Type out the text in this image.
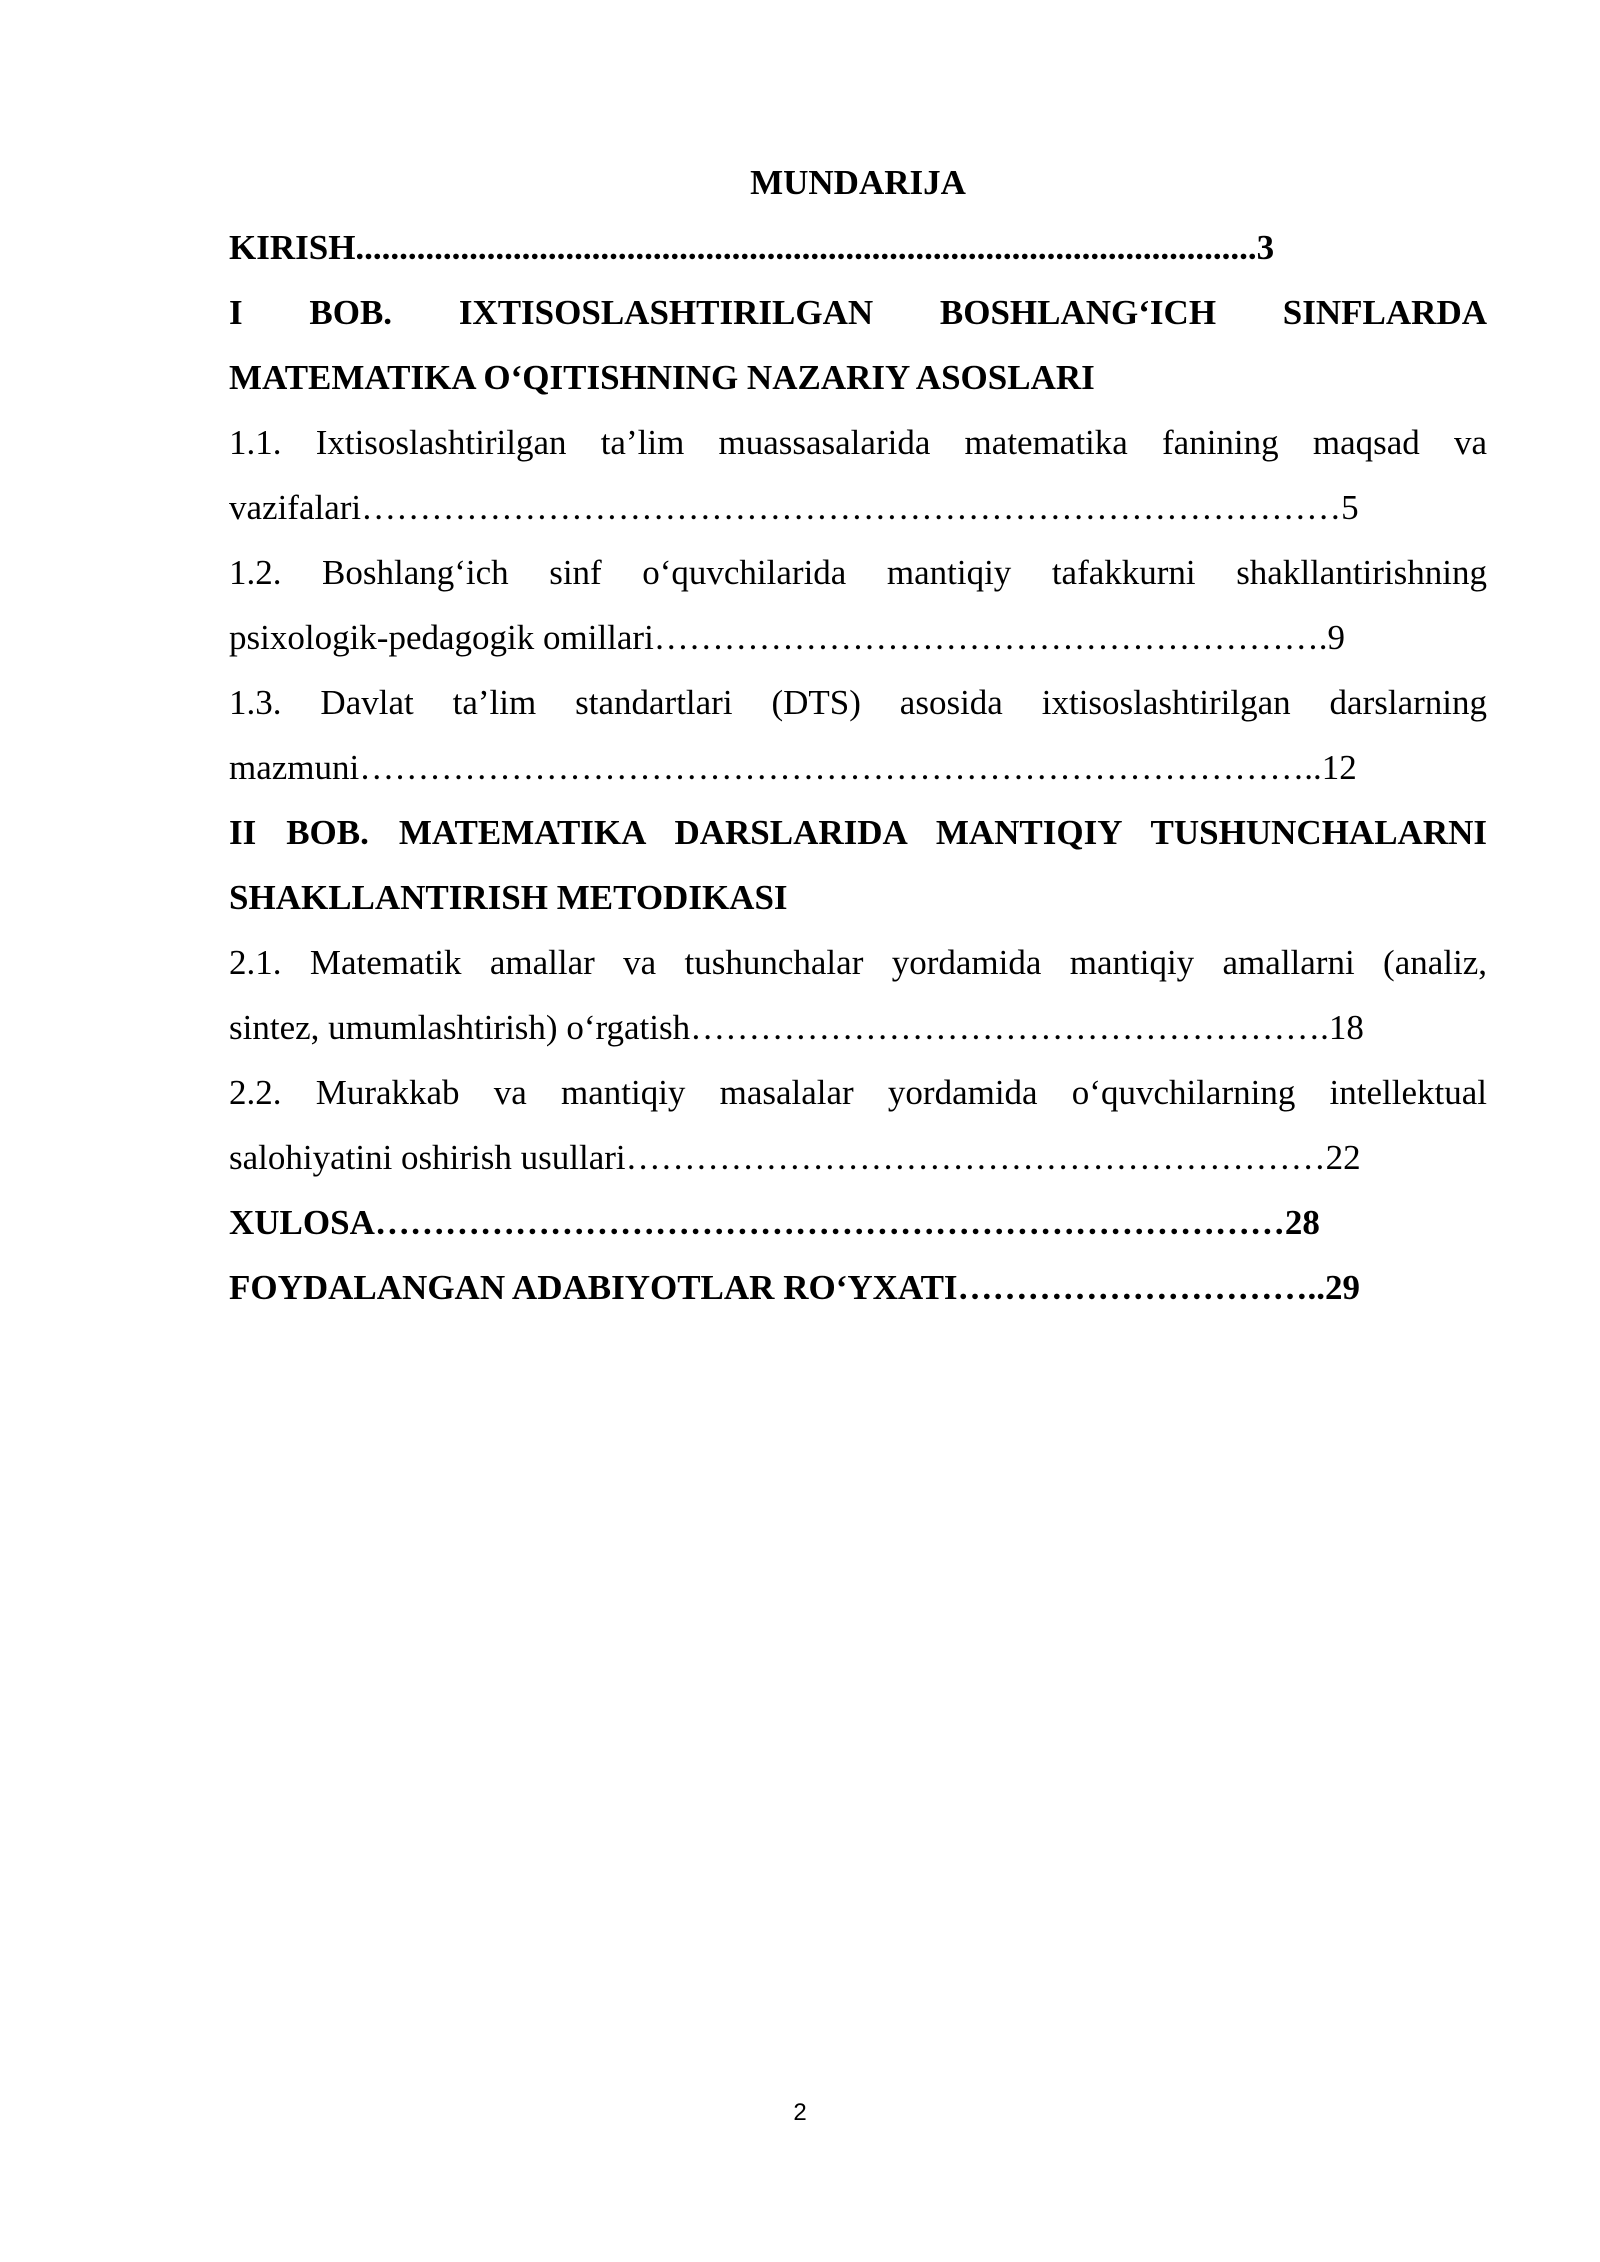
MUNDARIJA
KIRISH.......................................................................................................3
I BOB. IXTISOSLASHTIRILGAN BOSHLANG‘ICH SINFLARDA
MATEMATIKA O‘QITISHNING NAZARIY ASOSLARI
1.1. Ixtisoslashtirilgan ta’lim muassasalarida matematika fanining maqsad va
vazifalari…………………………………………………………………………5
1.2. Boshlang‘ich sinf o‘quvchilarida mantiqiy tafakkurni shakllantirishning
psixologik-pedagogik omillari………………………………………………….9
1.3. Davlat ta’lim standartlari (DTS) asosida ixtisoslashtirilgan darslarning
mazmuni………………………………………………………………………..12
II BOB. MATEMATIKA DARSLARIDA MANTIQIY TUSHUNCHALARNI
SHAKLLANTIRISH METODIKASI
2.1. Matematik amallar va tushunchalar yordamida mantiqiy amallarni (analiz,
sintez, umumlashtirish) o‘rgatish……………………………………………….18
2.2. Murakkab va mantiqiy masalalar yordamida o‘quvchilarning intellektual
salohiyatini oshirish usullari……………………………………………………22
XULOSA……………………………………………………………………28
FOYDALANGAN ADABIYOTLAR RO‘YXATI…………………………..29
2
